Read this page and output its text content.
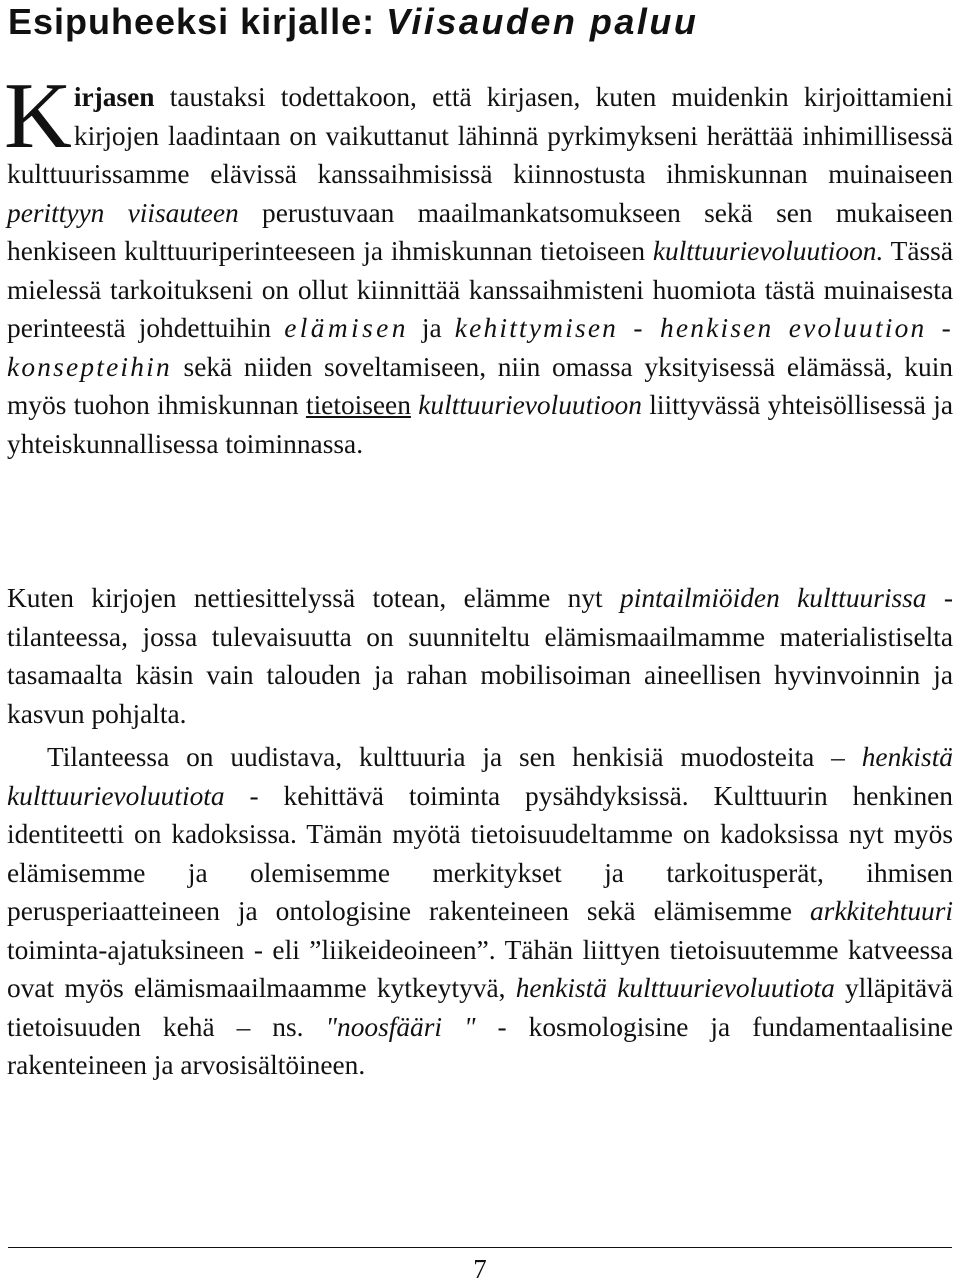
Esipuheeksi kirjalle: Viisauden paluu

Kirjasen taustaksi todettakoon, että kirjasen, kuten muidenkin kirjoittamieni kirjojen laadintaan on vaikuttanut lähinnä pyrkimykseni herättää inhimillisessä kulttuurissamme elävissä kanssaihmisissä kiinnostusta ihmiskunnan muinaiseen perittyyn viisauteen perustuvaan maailmankatsomukseen sekä sen mukaiseen henkiseen kulttuuriperinteeseen ja ihmiskunnan tietoiseen kulttuurievoluutioon. Tässä mielessä tarkoitukseni on ollut kiinnittää kanssaihmisteni huomiota tästä muinaisesta perinteestä johdettuihin elämisen ja kehittymisen - henkisen evoluution - konsepteihin sekä niiden soveltamiseen, niin omassa yksityisessä elämässä, kuin myös tuohon ihmiskunnan tietoiseen kulttuurievoluutioon liittyvässä yhteisöllisessä ja yhteiskunnallisessa toiminnassa.

Kuten kirjojen nettiesittelyssä totean, elämme nyt pintailmiöiden kulttuurissa - tilanteessa, jossa tulevaisuutta on suunniteltu elämismaailmamme materialistiselta tasamaalta käsin vain talouden ja rahan mobilisoiman aineellisen hyvinvoinnin ja kasvun pohjalta.

Tilanteessa on uudistava, kulttuuria ja sen henkisiä muodosteita – henkistä kulttuurievoluutiota - kehittävä toiminta pysähdyksissä. Kulttuurin henkinen identiteetti on kadoksissa. Tämän myötä tietoisuudeltamme on kadoksissa nyt myös elämisemme ja olemisemme merkitykset ja tarkoitusperät, ihmisen perusperiaatteineen ja ontologisine rakenteineen sekä elämisemme arkkitehtuuri toiminta-ajatuksineen - eli ”liikeideoineen”. Tähän liittyen tietoisuutemme katveessa ovat myös elämismaailmaamme kytkeytyvä, henkistä kulttuurievoluutiota ylläpitävä tietoisuuden kehä – ns. "noosfääri " - kosmologisine ja fundamentaalisine rakenteineen ja arvosisältöineen.

7
